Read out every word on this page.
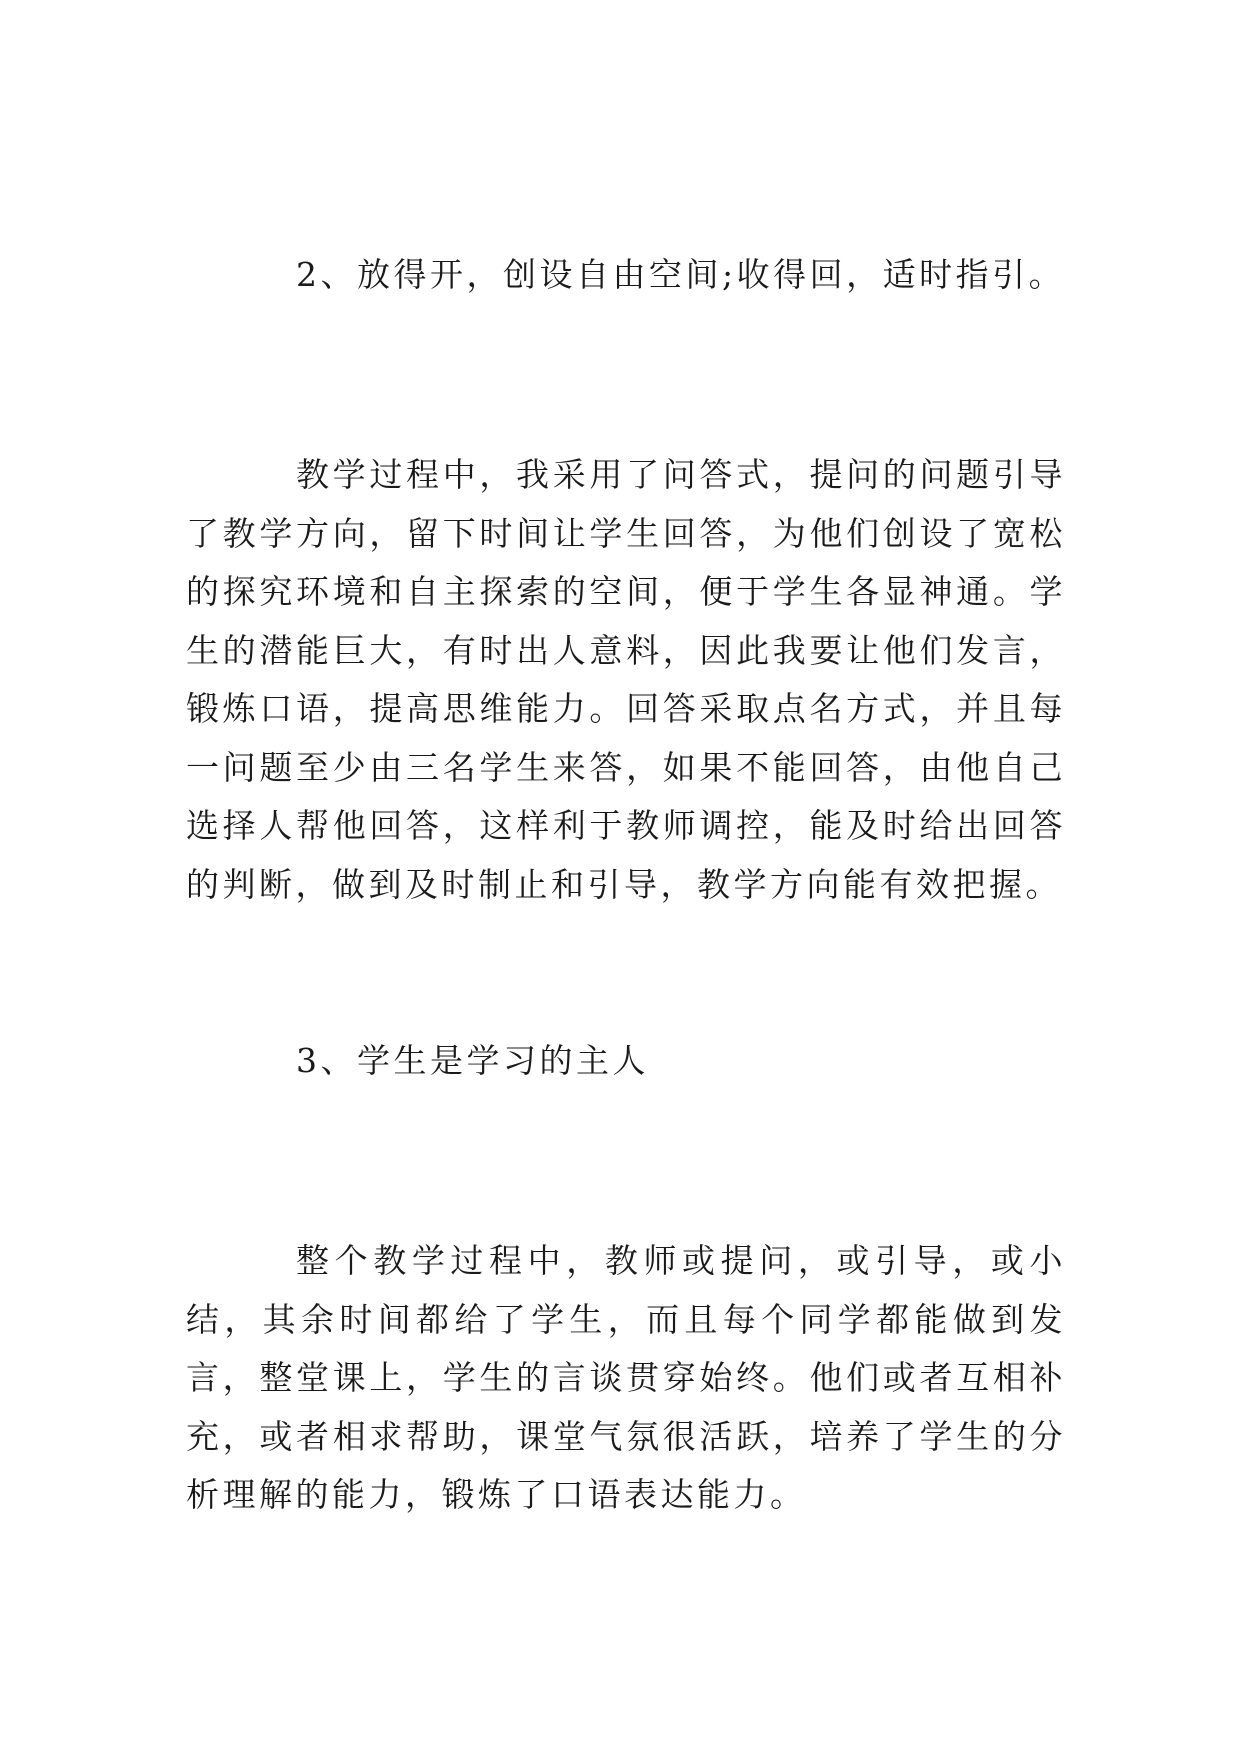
2、放得开，创设自由空间;收得回，适时指引。

教学过程中，我采用了问答式，提问的问题引导了教学方向，留下时间让学生回答，为他们创设了宽松的探究环境和自主探索的空间，便于学生各显神通。学生的潜能巨大，有时出人意料，因此我要让他们发言，锻炼口语，提高思维能力。回答采取点名方式，并且每一问题至少由三名学生来答，如果不能回答，由他自己选择人帮他回答，这样利于教师调控，能及时给出回答的判断，做到及时制止和引导，教学方向能有效把握。

3、学生是学习的主人

整个教学过程中，教师或提问，或引导，或小结，其余时间都给了学生，而且每个同学都能做到发言，整堂课上，学生的言谈贯穿始终。他们或者互相补充，或者相求帮助，课堂气氛很活跃，培养了学生的分析理解的能力，锻炼了口语表达能力。
